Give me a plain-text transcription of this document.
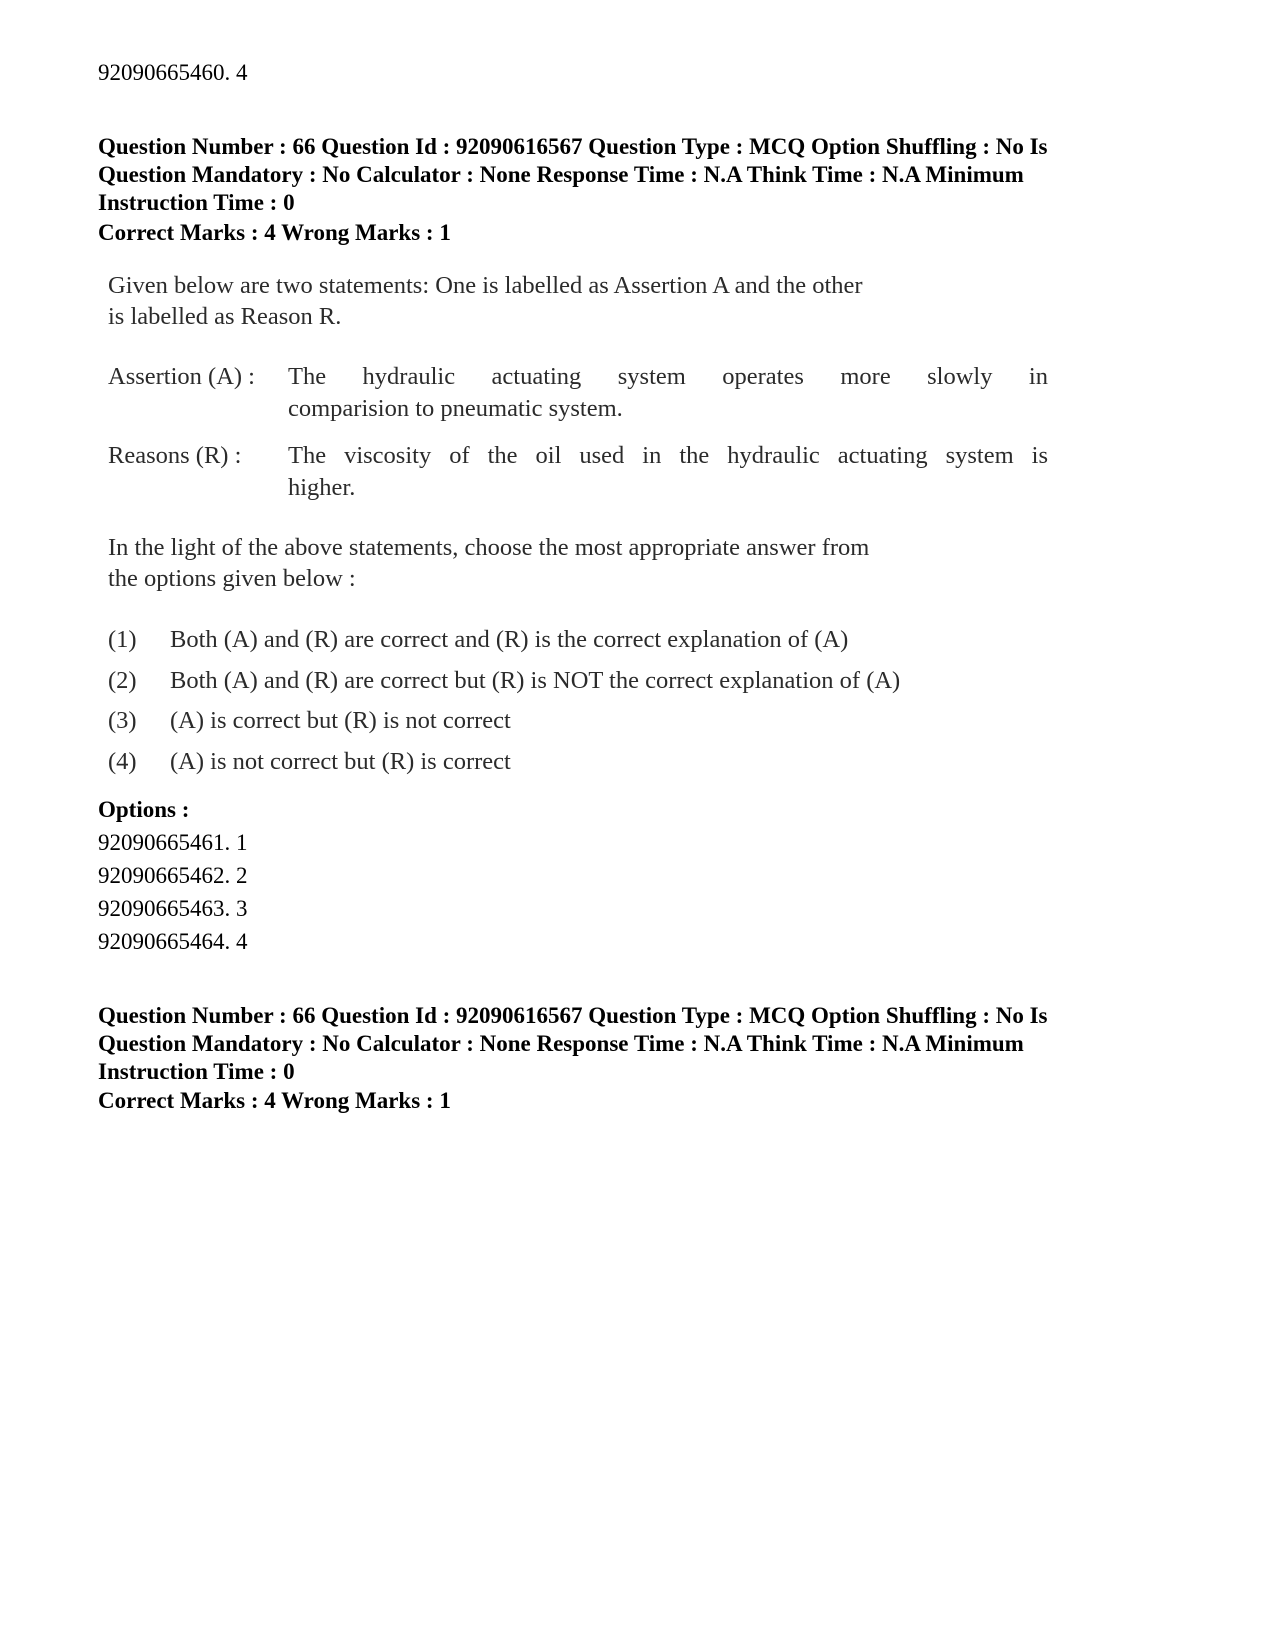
92090665460. 4
Question Number : 66 Question Id : 92090616567 Question Type : MCQ Option Shuffling : No Is
Question Mandatory : No Calculator : None Response Time : N.A Think Time : N.A Minimum
Instruction Time : 0
Correct Marks : 4 Wrong Marks : 1

Given below are two statements: One is labelled as Assertion A and the other

is labelled as Reason R.

Assertion (A) :	The hydraulic actuating system operates more slowly in
comparision to pneumatic system.
Reasons (R) :	The viscosity of the oil used in the hydraulic actuating system is
higher.

In the light of the above statements, choose the most appropriate answer from

the options given below :

(1) Both (A) and (R) are correct and (R) is the correct explanation of (A)
(2) Both (A) and (R) are correct but (R) is NOT the correct explanation of (A)
(3) (A) is correct but (R) is not correct
(4) (A) is not correct but (R) is correct
Options :
92090665461. 1
92090665462. 2
92090665463. 3
92090665464. 4
Question Number : 66 Question Id : 92090616567 Question Type : MCQ Option Shuffling : No Is
Question Mandatory : No Calculator : None Response Time : N.A Think Time : N.A Minimum
Instruction Time : 0
Correct Marks : 4 Wrong Marks : 1
